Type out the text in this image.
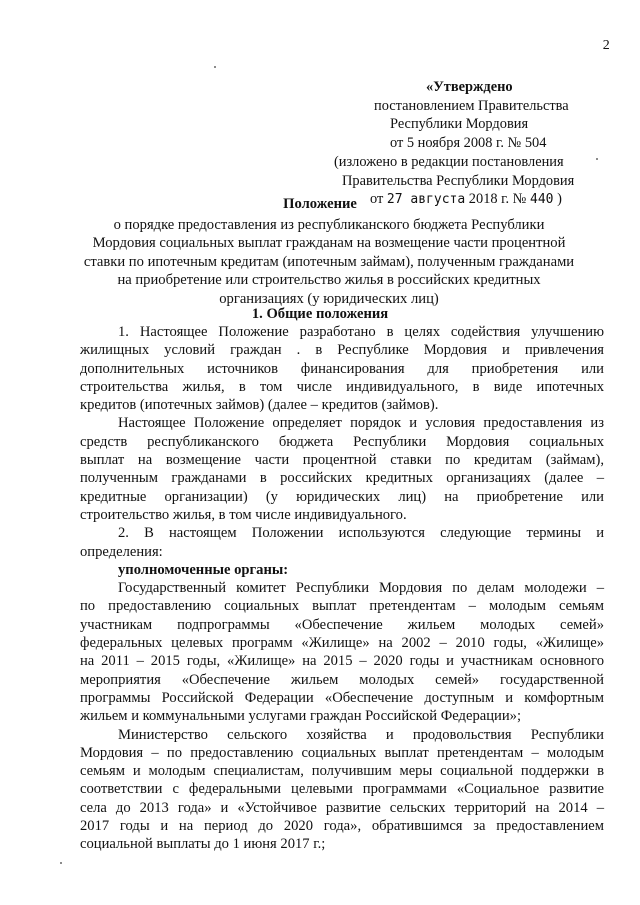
2
«Утверждено
постановлением Правительства
Республики Мордовия
от 5 ноября 2008 г. № 504
(изложено в редакции постановления
Правительства Республики Мордовия
от 27 августа 2018 г. № 440 )
Положение
о порядке предоставления из республиканского бюджета Республики
Мордовия социальных выплат гражданам на возмещение части процентной
ставки по ипотечным кредитам (ипотечным займам), полученным гражданами
на приобретение или строительство жилья в российских кредитных
организациях (у юридических лиц)
1. Общие положения
1. Настоящее Положение разработано в целях содействия улучшению
жилищных условий граждан . в Республике Мордовия и привлечения
дополнительных источников финансирования для приобретения или
строительства жилья, в том числе индивидуального, в виде ипотечных
кредитов (ипотечных займов) (далее – кредитов (займов).
Настоящее Положение определяет порядок и условия предоставления из
средств республиканского бюджета Республики Мордовия социальных
выплат на возмещение части процентной ставки по кредитам (займам),
полученным гражданами в российских кредитных организациях (далее –
кредитные организации) (у юридических лиц) на приобретение или
строительство жилья, в том числе индивидуального.
2. В настоящем Положении используются следующие термины и
определения:
уполномоченные органы:
Государственный комитет Республики Мордовия по делам молодежи –
по предоставлению социальных выплат претендентам – молодым семьям
участникам подпрограммы «Обеспечение жильем молодых семей»
федеральных целевых программ «Жилище» на 2002 – 2010 годы, «Жилище»
на 2011 – 2015 годы, «Жилище» на 2015 – 2020 годы и участникам основного
мероприятия «Обеспечение жильем молодых семей» государственной
программы Российской Федерации «Обеспечение доступным и комфортным
жильем и коммунальными услугами граждан Российской Федерации»;
Министерство сельского хозяйства и продовольствия Республики
Мордовия – по предоставлению социальных выплат претендентам – молодым
семьям и молодым специалистам, получившим меры социальной поддержки в
соответствии с федеральными целевыми программами «Социальное развитие
села до 2013 года» и «Устойчивое развитие сельских территорий на 2014 –
2017 годы и на период до 2020 года», обратившимся за предоставлением
социальной выплаты до 1 июня 2017 г.;
